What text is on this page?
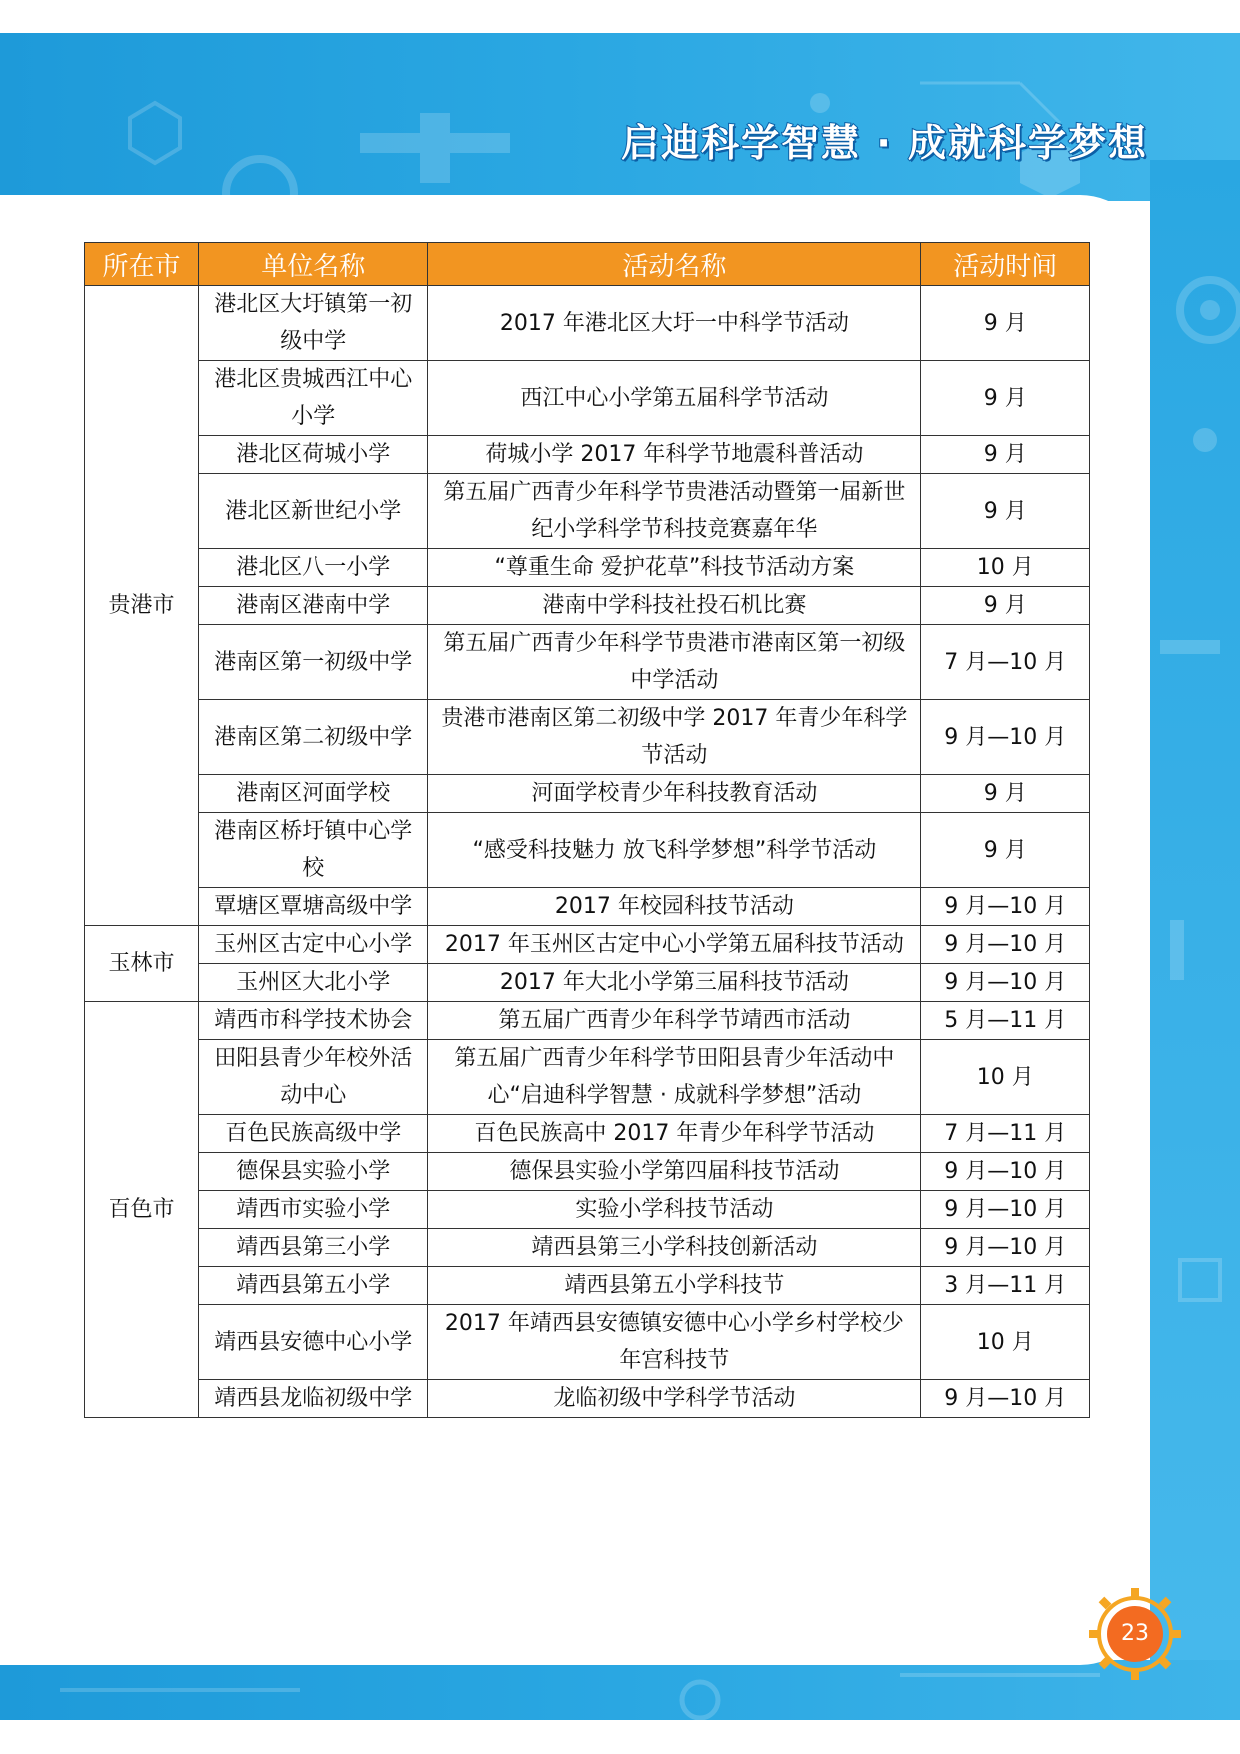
启迪科学智慧 · 成就科学梦想
所在市	单位名称	活动名称	活动时间
贵港市	港北区大圩镇第一初级中学	2017 年港北区大圩一中科学节活动	9 月
	港北区贵城西江中心小学	西江中心小学第五届科学节活动	9 月
	港北区荷城小学	荷城小学 2017 年科学节地震科普活动	9 月
	港北区新世纪小学	第五届广西青少年科学节贵港活动暨第一届新世纪小学科学节科技竞赛嘉年华	9 月
	港北区八一小学	“尊重生命 爱护花草”科技节活动方案	10 月
	港南区港南中学	港南中学科技社投石机比赛	9 月
	港南区第一初级中学	第五届广西青少年科学节贵港市港南区第一初级中学活动	7 月—10 月
	港南区第二初级中学	贵港市港南区第二初级中学 2017 年青少年科学节活动	9 月—10 月
	港南区河面学校	河面学校青少年科技教育活动	9 月
	港南区桥圩镇中心学校	“感受科技魅力 放飞科学梦想”科学节活动	9 月
	覃塘区覃塘高级中学	2017 年校园科技节活动	9 月—10 月
玉林市	玉州区古定中心小学	2017 年玉州区古定中心小学第五届科技节活动	9 月—10 月
	玉州区大北小学	2017 年大北小学第三届科技节活动	9 月—10 月
百色市	靖西市科学技术协会	第五届广西青少年科学节靖西市活动	5 月—11 月
	田阳县青少年校外活动中心	第五届广西青少年科学节田阳县青少年活动中心“启迪科学智慧 · 成就科学梦想”活动	10 月
	百色民族高级中学	百色民族高中 2017 年青少年科学节活动	7 月—11 月
	德保县实验小学	德保县实验小学第四届科技节活动	9 月—10 月
	靖西市实验小学	实验小学科技节活动	9 月—10 月
	靖西县第三小学	靖西县第三小学科技创新活动	9 月—10 月
	靖西县第五小学	靖西县第五小学科技节	3 月—11 月
	靖西县安德中心小学	2017 年靖西县安德镇安德中心小学乡村学校少年宫科技节	10 月
	靖西县龙临初级中学	龙临初级中学科学节活动	9 月—10 月
23
